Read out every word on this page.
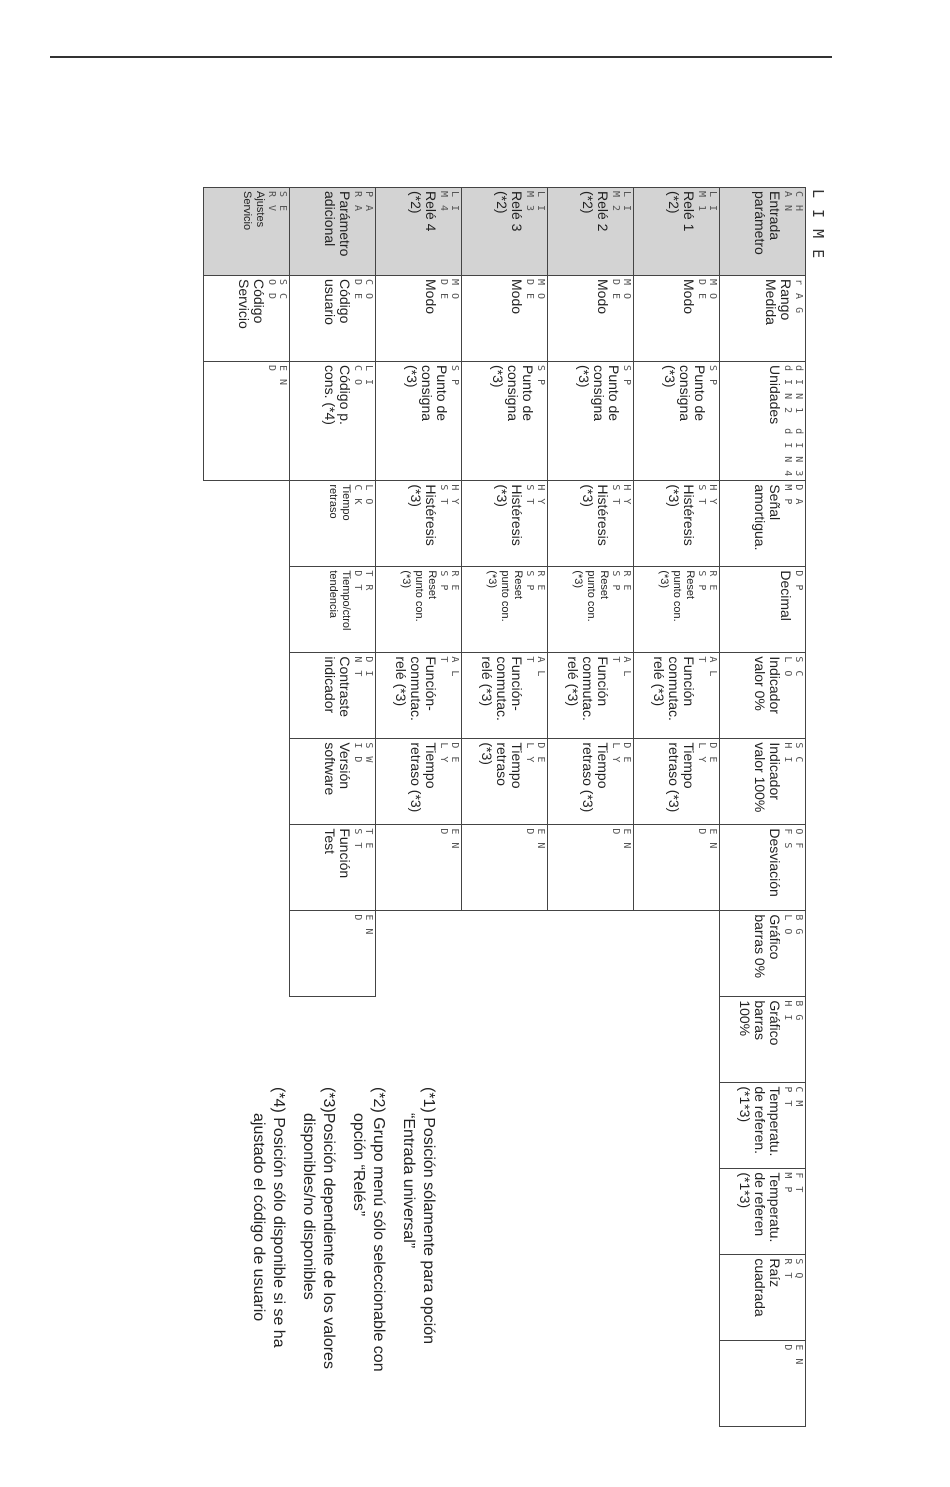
L I M E
C H
A N
Entrada
parámetro	r A G
Rango
Medida	d I N 1  d I N 3
d I N 2  d I N 4
Unidades	D A
M P
Señal
amortigua.	D P
Decimal	S C
L O
Indicador
valor 0%	S C
H I
Indicador
valor 100%	O F
F S
Desviación	B G
L O
Gráfico
barras 0%	B G
H I
Gráfico
barras
100%	C M
P T
Temperatu.
de referen.
(*1*3)	F T
M P
Temperatu.
de referen
(*1*3)	S Q
R T
Raíz
cuadrada	E N
D

L I
M 1
Relé 1
(*2)	M O
D E
Modo	S P
Punto de
consigna
(*3)	H Y
S T
Histéresis
(*3)	R E
S P
Reset
punto con.
(*3)	A L
T
Función
conmutac.
relé (*3)	D E
L Y
Tiempo
retraso (*3)	E N
D						

L I
M 2
Relé 2
(*2)	M O
D E
Modo	S P
Punto de
consigna
(*3)	H Y
S T
Histéresis
(*3)	R E
S P
Reset
punto con.
(*3)	A L
T
Función
conmutac.
relé (*3)	D E
L Y
Tiempo
retraso (*3)	E N
D						

L I
M 3
Relé 3
(*2)	M O
D E
Modo	S P
Punto de
consigna
(*3)	H Y
S T
Histéresis
(*3)	R E
S P
Reset
punto con.
(*3)	A L
T
Función-
conmutac.
relé (*3)	D E
L Y
Tiempo
retraso
(*3)	E N
D						

L I
M 4
Relé 4
(*2)	M O
D E
Modo	S P
Punto de
consigna
(*3)	H Y
S T
Histéresis
(*3)	R E
S P
Reset
punto con.
(*3)	A L
T
Función-
conmutac.
relé (*3)	D E
L Y
Tiempo
retraso (*3)	E N
D						

P A
R A
Parámetro
adicional	C O
D E
Código
usuario	L I
C O
Código p.
cons. (*4)	L O
C K
Tiempo
retraso	T R
D T
Tiempo/ctrol
tendencia	D I
N T
Contraste
indicador	S W
I D
Versión
software	T E
S T
Función
Test	E N
D					

S E
R V
Ajustes
Servicio	S C
O D
Código
Servicio	E N
D											

(*1) Posición sólamente para opción
“Entrada universal”
(*2) Grupo menú sólo seleccionable con
opción “Relés”
(*3)Posición dependiente de los valores
disponibles/no disponibles
(*4) Posición sólo disponible si se ha
ajustado el código de usuario
